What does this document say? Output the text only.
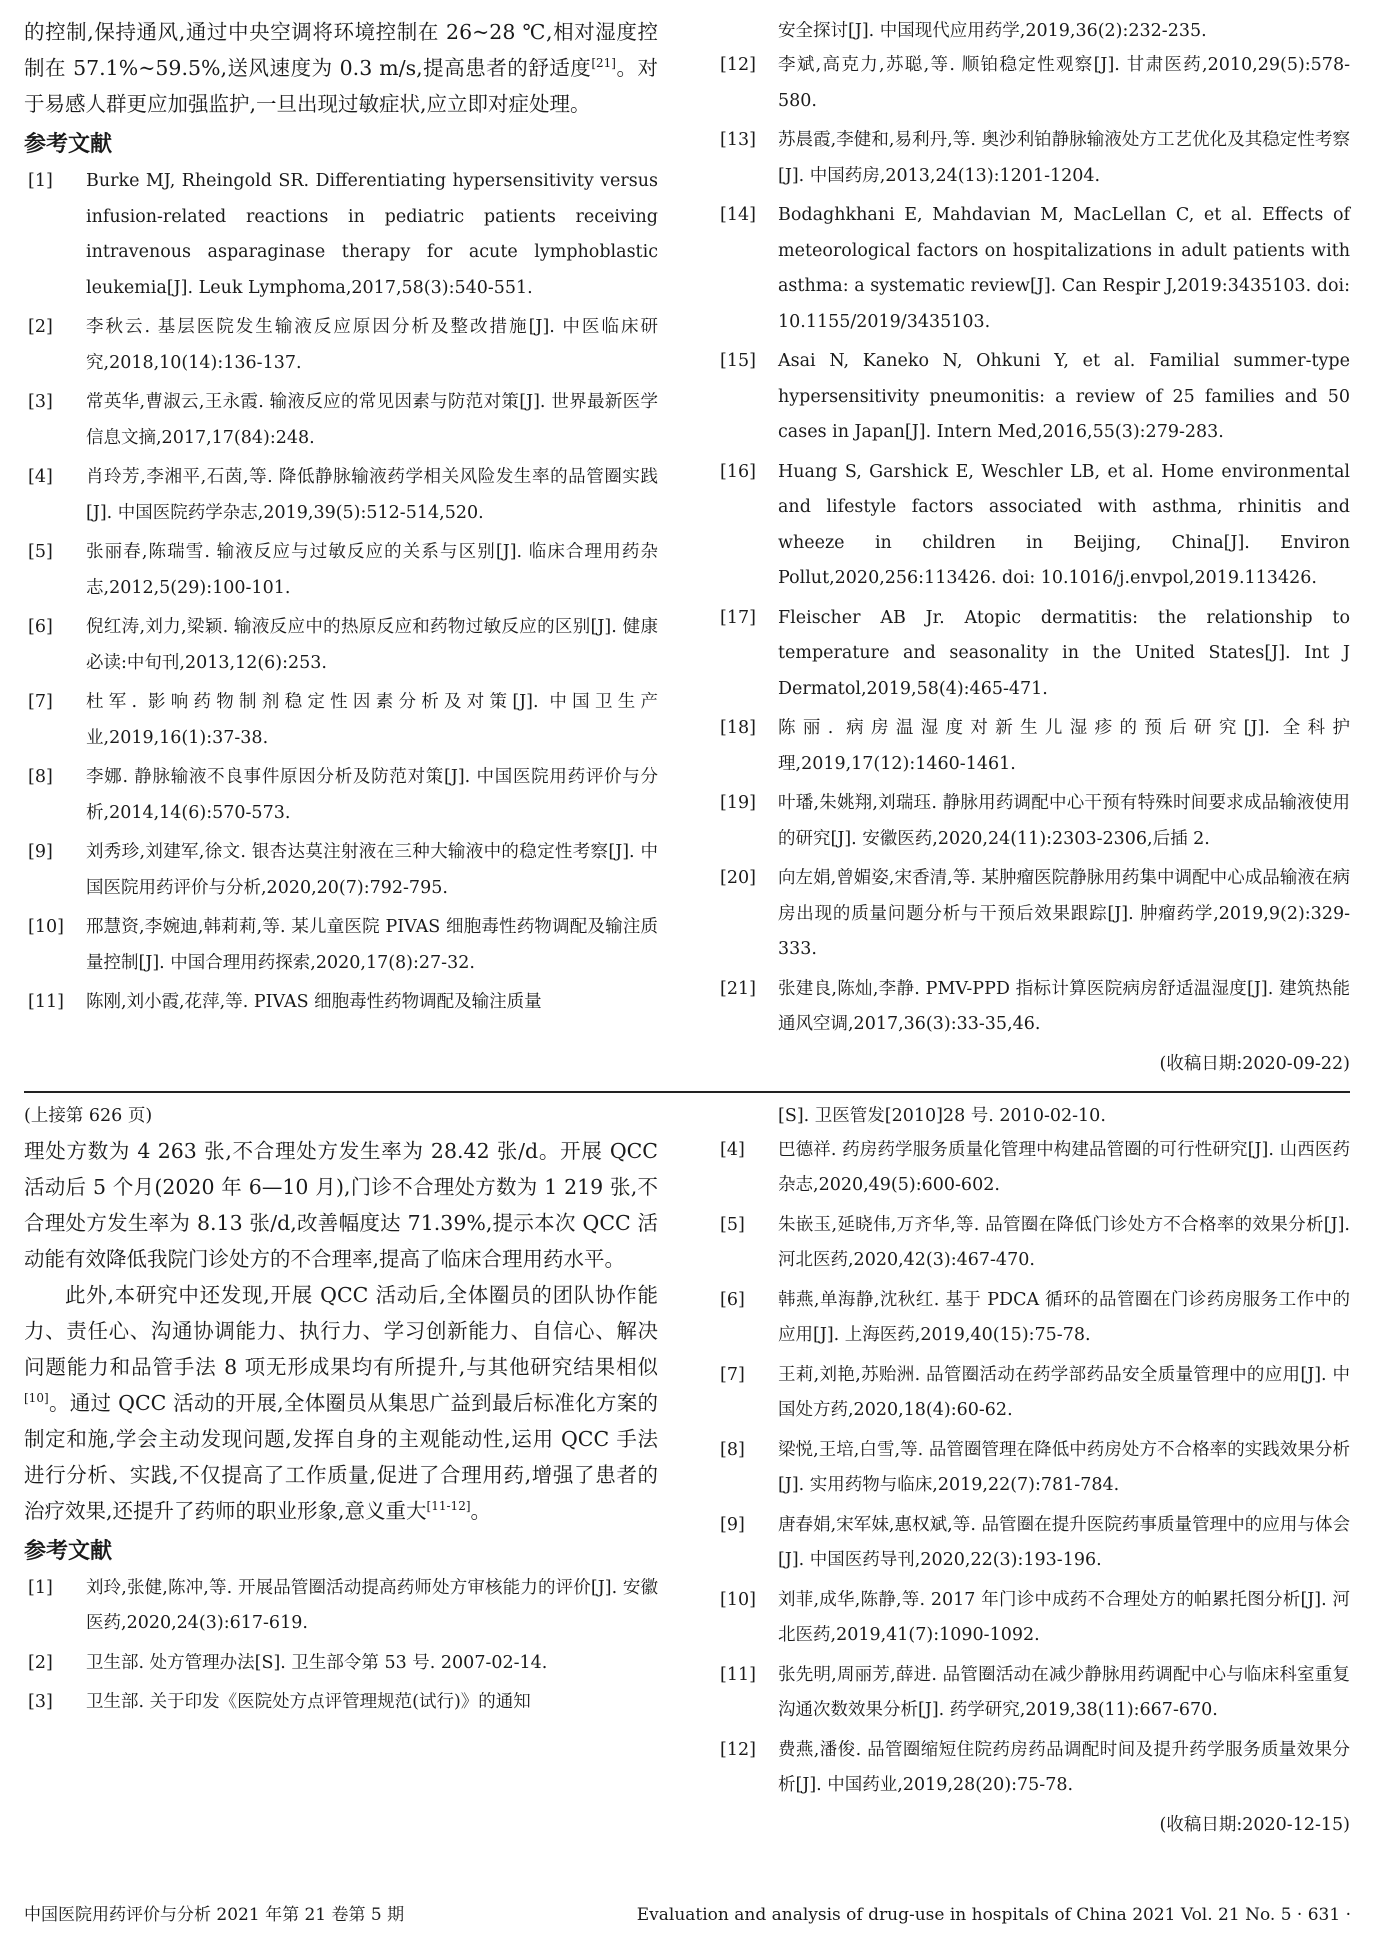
的控制,保持通风,通过中央空调将环境控制在 26~28 ℃,相对湿度控制在 57.1%~59.5%,送风速度为 0.3 m/s,提高患者的舒适度[21]。对于易感人群更应加强监护,一旦出现过敏症状,应立即对症处理。

参考文献
[1]	Burke MJ, Rheingold SR. Differentiating hypersensitivity versus infusion-related reactions in pediatric patients receiving intravenous asparaginase therapy for acute lymphoblastic leukemia[J]. Leuk Lymphoma,2017,58(3):540-551.
[2]	李秋云. 基层医院发生输液反应原因分析及整改措施[J]. 中医临床研究,2018,10(14):136-137.
[3]	常英华,曹淑云,王永霞. 输液反应的常见因素与防范对策[J]. 世界最新医学信息文摘,2017,17(84):248.
[4]	肖玲芳,李湘平,石茵,等. 降低静脉输液药学相关风险发生率的品管圈实践[J]. 中国医院药学杂志,2019,39(5):512-514,520.
[5]	张丽春,陈瑞雪. 输液反应与过敏反应的关系与区别[J]. 临床合理用药杂志,2012,5(29):100-101.
[6]	倪红涛,刘力,梁颖. 输液反应中的热原反应和药物过敏反应的区别[J]. 健康必读:中旬刊,2013,12(6):253.
[7]	杜军. 影响药物制剂稳定性因素分析及对策[J]. 中国卫生产业,2019,16(1):37-38.
[8]	李娜. 静脉输液不良事件原因分析及防范对策[J]. 中国医院用药评价与分析,2014,14(6):570-573.
[9]	刘秀珍,刘建军,徐文. 银杏达莫注射液在三种大输液中的稳定性考察[J]. 中国医院用药评价与分析,2020,20(7):792-795.
[10]	邢慧资,李婉迪,韩莉莉,等. 某儿童医院 PIVAS 细胞毒性药物调配及输注质量控制[J]. 中国合理用药探索,2020,17(8):27-32.
[11]	陈刚,刘小霞,花萍,等. PIVAS 细胞毒性药物调配及输注质量
安全探讨[J]. 中国现代应用药学,2019,36(2):232-235.
[12]	李斌,高克力,苏聪,等. 顺铂稳定性观察[J]. 甘肃医药,2010,29(5):578-580.
[13]	苏晨霞,李健和,易利丹,等. 奥沙利铂静脉输液处方工艺优化及其稳定性考察[J]. 中国药房,2013,24(13):1201-1204.
[14]	Bodaghkhani E, Mahdavian M, MacLellan C, et al. Effects of meteorological factors on hospitalizations in adult patients with asthma: a systematic review[J]. Can Respir J,2019:3435103. doi: 10.1155/2019/3435103.
[15]	Asai N, Kaneko N, Ohkuni Y, et al. Familial summer-type hypersensitivity pneumonitis: a review of 25 families and 50 cases in Japan[J]. Intern Med,2016,55(3):279-283.
[16]	Huang S, Garshick E, Weschler LB, et al. Home environmental and lifestyle factors associated with asthma, rhinitis and wheeze in children in Beijing, China[J]. Environ Pollut,2020,256:113426. doi: 10.1016/j.envpol,2019.113426.
[17]	Fleischer AB Jr. Atopic dermatitis: the relationship to temperature and seasonality in the United States[J]. Int J Dermatol,2019,58(4):465-471.
[18]	陈丽. 病房温湿度对新生儿湿疹的预后研究[J]. 全科护理,2019,17(12):1460-1461.
[19]	叶璠,朱姚翔,刘瑞珏. 静脉用药调配中心干预有特殊时间要求成品输液使用的研究[J]. 安徽医药,2020,24(11):2303-2306,后插 2.
[20]	向左娟,曾媚姿,宋香清,等. 某肿瘤医院静脉用药集中调配中心成品输液在病房出现的质量问题分析与干预后效果跟踪[J]. 肿瘤药学,2019,9(2):329-333.
[21]	张建良,陈灿,李静. PMV-PPD 指标计算医院病房舒适温湿度[J]. 建筑热能通风空调,2017,36(3):33-35,46.
(收稿日期:2020-09-22)
(上接第 626 页)

理处方数为 4 263 张,不合理处方发生率为 28.42 张/d。开展 QCC 活动后 5 个月(2020 年 6—10 月),门诊不合理处方数为 1 219 张,不合理处方发生率为 8.13 张/d,改善幅度达 71.39%,提示本次 QCC 活动能有效降低我院门诊处方的不合理率,提高了临床合理用药水平。

此外,本研究中还发现,开展 QCC 活动后,全体圈员的团队协作能力、责任心、沟通协调能力、执行力、学习创新能力、自信心、解决问题能力和品管手法 8 项无形成果均有所提升,与其他研究结果相似[10]。通过 QCC 活动的开展,全体圈员从集思广益到最后标准化方案的制定和施,学会主动发现问题,发挥自身的主观能动性,运用 QCC 手法进行分析、实践,不仅提高了工作质量,促进了合理用药,增强了患者的治疗效果,还提升了药师的职业形象,意义重大[11-12]。

参考文献
[1]	刘玲,张健,陈冲,等. 开展品管圈活动提高药师处方审核能力的评价[J]. 安徽医药,2020,24(3):617-619.
[2]	卫生部. 处方管理办法[S]. 卫生部令第 53 号. 2007-02-14.
[3]	卫生部. 关于印发《医院处方点评管理规范(试行)》的通知
[S]. 卫医管发[2010]28 号. 2010-02-10.
[4]	巴德祥. 药房药学服务质量化管理中构建品管圈的可行性研究[J]. 山西医药杂志,2020,49(5):600-602.
[5]	朱嵌玉,延晓伟,万齐华,等. 品管圈在降低门诊处方不合格率的效果分析[J]. 河北医药,2020,42(3):467-470.
[6]	韩燕,单海静,沈秋红. 基于 PDCA 循环的品管圈在门诊药房服务工作中的应用[J]. 上海医药,2019,40(15):75-78.
[7]	王莉,刘艳,苏贻洲. 品管圈活动在药学部药品安全质量管理中的应用[J]. 中国处方药,2020,18(4):60-62.
[8]	梁悦,王培,白雪,等. 品管圈管理在降低中药房处方不合格率的实践效果分析[J]. 实用药物与临床,2019,22(7):781-784.
[9]	唐春娟,宋军妹,惠权斌,等. 品管圈在提升医院药事质量管理中的应用与体会[J]. 中国医药导刊,2020,22(3):193-196.
[10]	刘菲,成华,陈静,等. 2017 年门诊中成药不合理处方的帕累托图分析[J]. 河北医药,2019,41(7):1090-1092.
[11]	张先明,周丽芳,薛进. 品管圈活动在减少静脉用药调配中心与临床科室重复沟通次数效果分析[J]. 药学研究,2019,38(11):667-670.
[12]	费燕,潘俊. 品管圈缩短住院药房药品调配时间及提升药学服务质量效果分析[J]. 中国药业,2019,28(20):75-78.
(收稿日期:2020-12-15)
中国医院用药评价与分析 2021 年第 21 卷第 5 期	Evaluation and analysis of drug-use in hospitals of China 2021 Vol. 21 No. 5 · 631 ·
